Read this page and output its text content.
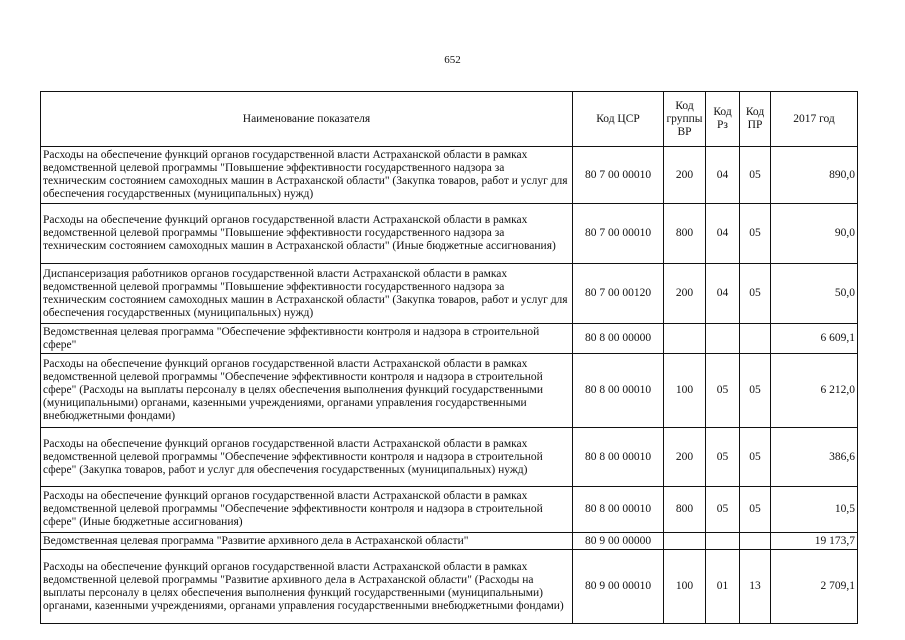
652
Наименование показателя	Код ЦСР	Код группы ВР	Код Рз	Код ПР	2017 год
Расходы на обеспечение функций органов государственной власти Астраханской области в рамках ведомственной целевой программы "Повышение эффективности государственного надзора за техническим состоянием самоходных машин в Астраханской области" (Закупка товаров, работ и услуг для обеспечения государственных (муниципальных) нужд)	80 7 00 00010	200	04	05	890,0
Расходы на обеспечение функций органов государственной власти Астраханской области в рамках ведомственной целевой программы "Повышение эффективности государственного надзора за техническим состоянием самоходных машин в Астраханской области" (Иные бюджетные ассигнования)	80 7 00 00010	800	04	05	90,0
Диспансеризация работников органов государственной власти Астраханской области в рамках ведомственной целевой программы "Повышение эффективности государственного надзора за техническим состоянием самоходных машин в Астраханской области" (Закупка товаров, работ и услуг для обеспечения государственных (муниципальных) нужд)	80 7 00 00120	200	04	05	50,0
Ведомственная целевая программа "Обеспечение эффективности контроля и надзора в строительной сфере"	80 8 00 00000				6 609,1
Расходы на обеспечение функций органов государственной власти Астраханской области в рамках ведомственной целевой программы "Обеспечение эффективности контроля и надзора в строительной сфере" (Расходы на выплаты персоналу в целях обеспечения выполнения функций государственными (муниципальными) органами, казенными учреждениями, органами управления государственными внебюджетными фондами)	80 8 00 00010	100	05	05	6 212,0
Расходы на обеспечение функций органов государственной власти Астраханской области в рамках ведомственной целевой программы "Обеспечение эффективности контроля и надзора в строительной сфере" (Закупка товаров, работ и услуг для обеспечения государственных (муниципальных) нужд)	80 8 00 00010	200	05	05	386,6
Расходы на обеспечение функций органов государственной власти Астраханской области в рамках ведомственной целевой программы "Обеспечение эффективности контроля и надзора в строительной сфере" (Иные бюджетные ассигнования)	80 8 00 00010	800	05	05	10,5
Ведомственная целевая программа "Развитие архивного дела в Астраханской области"	80 9 00 00000				19 173,7
Расходы на обеспечение функций органов государственной власти Астраханской области в рамках ведомственной целевой программы "Развитие архивного дела в Астраханской области" (Расходы на выплаты персоналу в целях обеспечения выполнения функций государственными (муниципальными) органами, казенными учреждениями, органами управления государственными внебюджетными фондами)	80 9 00 00010	100	01	13	2 709,1
